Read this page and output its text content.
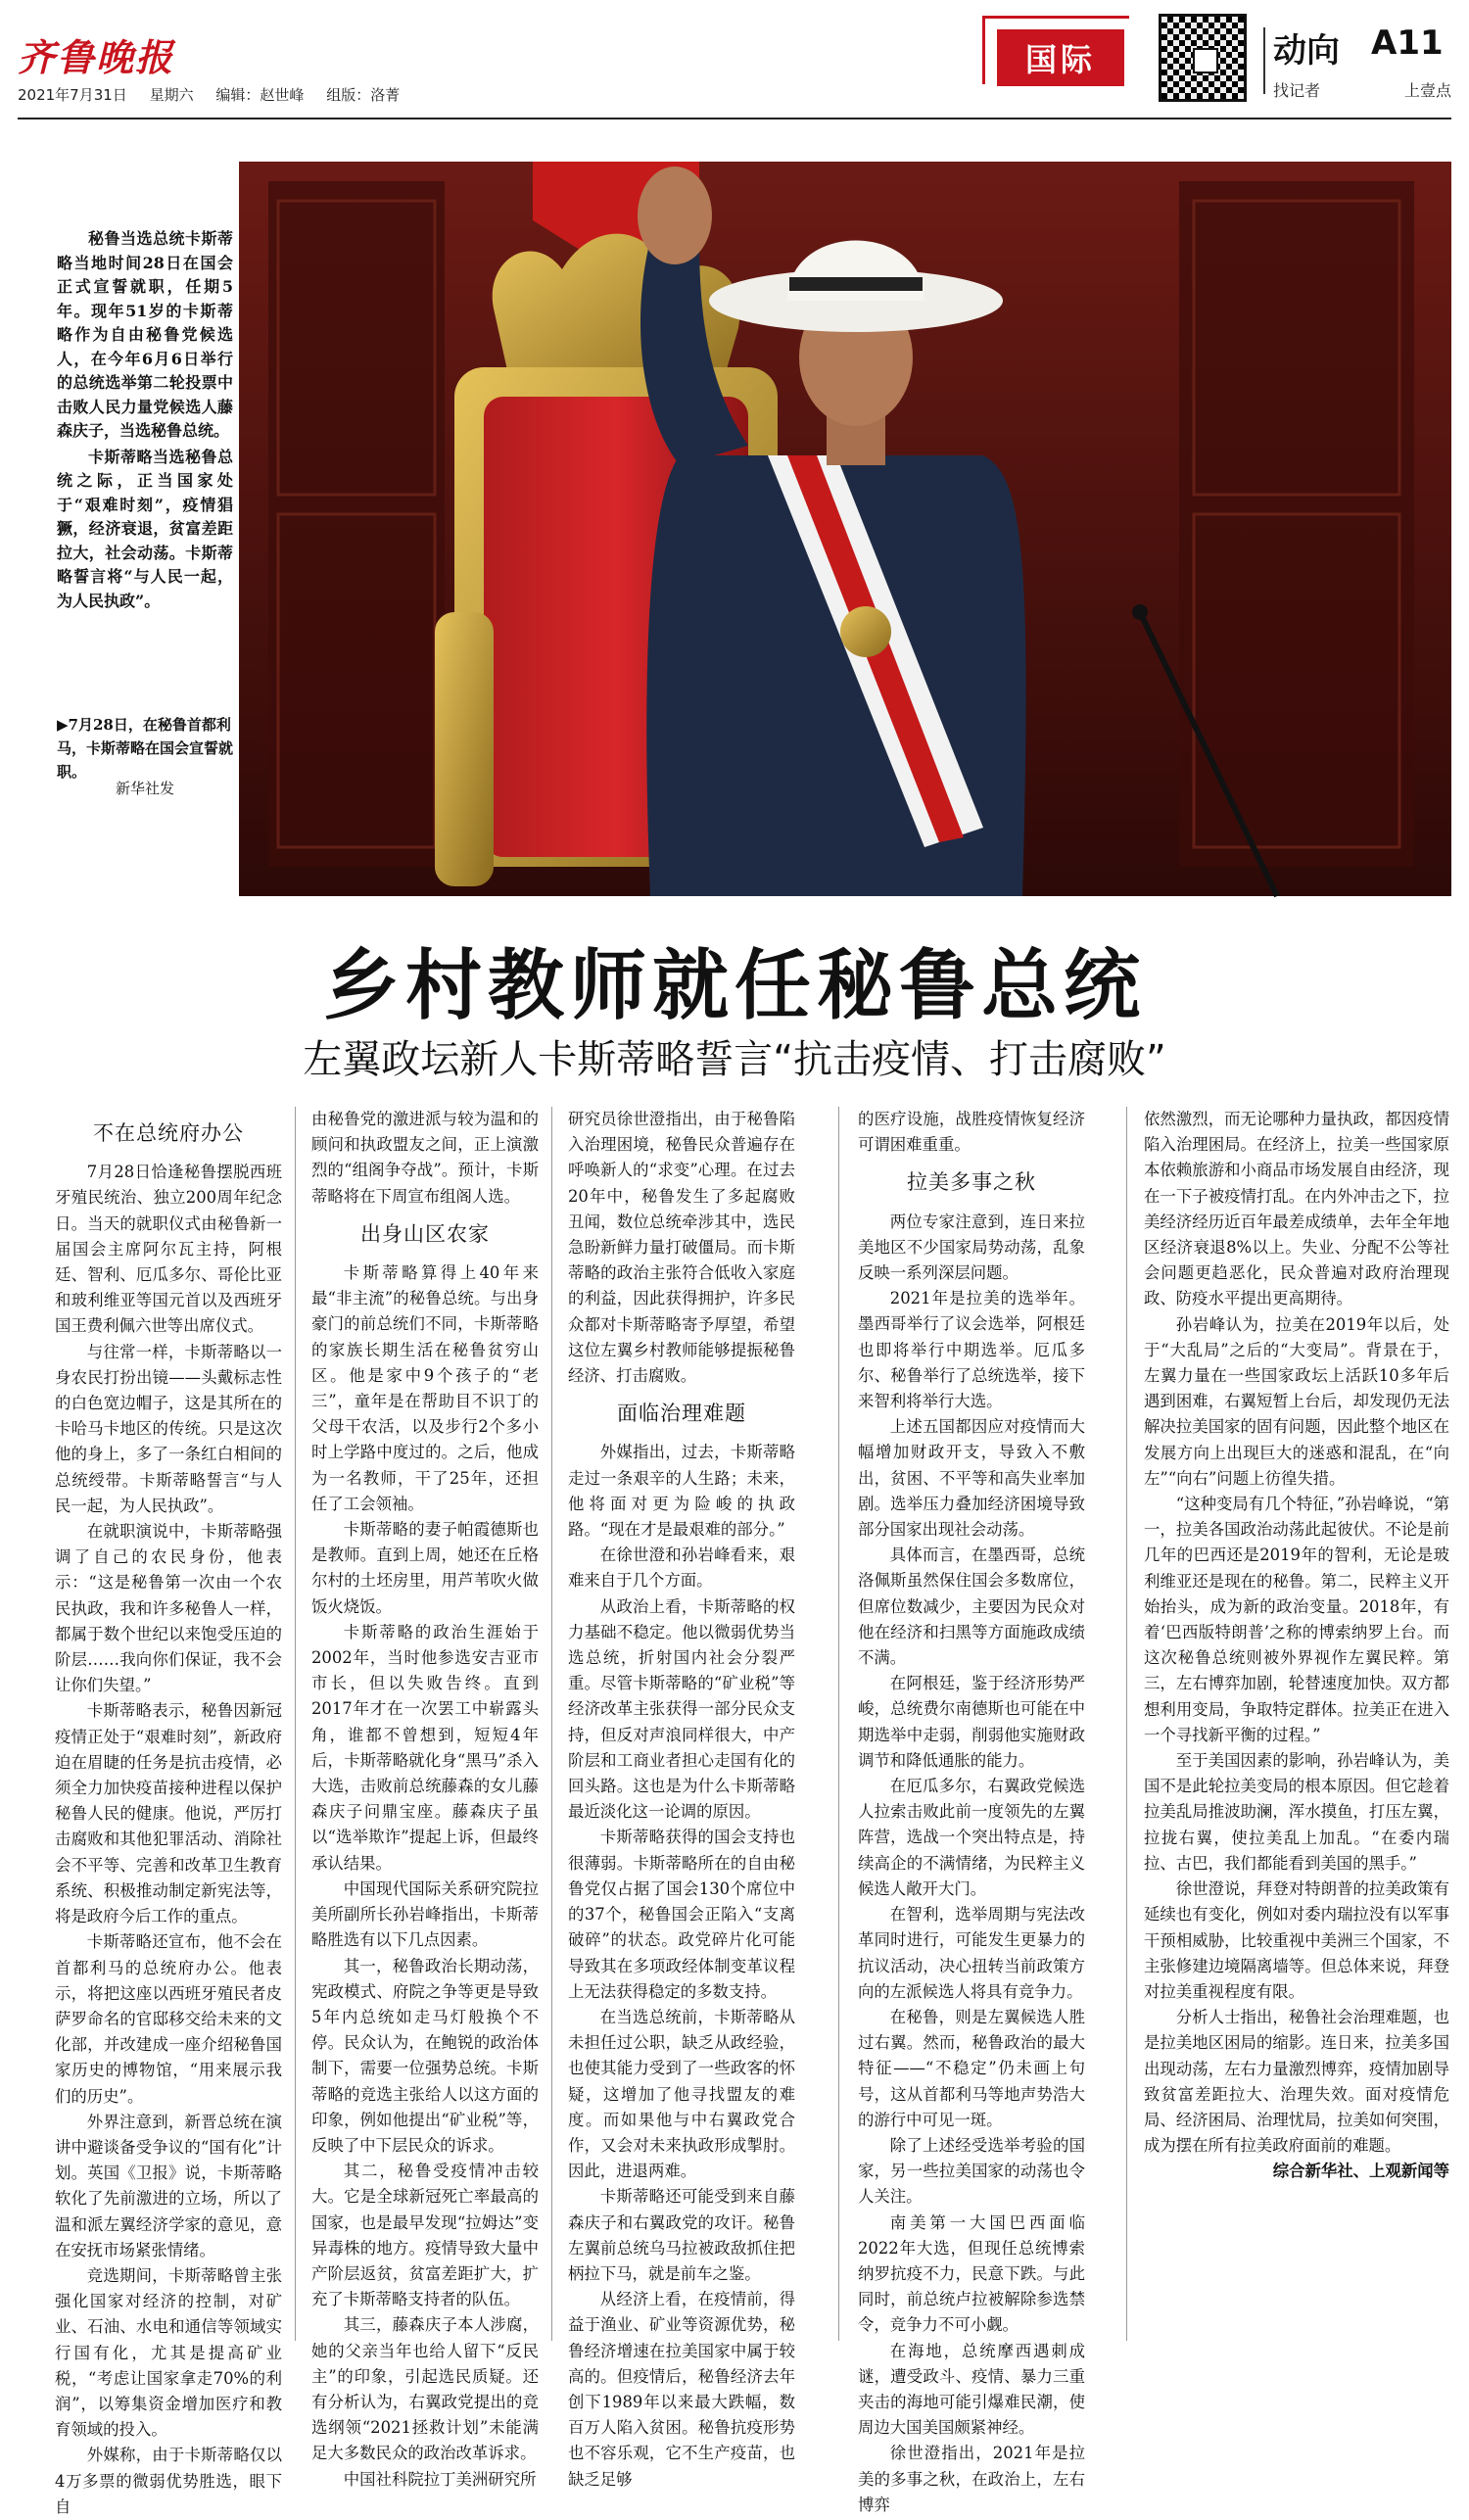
齐鲁晚报
2021年7月31日 星期六 编辑：赵世峰 组版：洛菁
国际	动向 A11
找记者	上壹点

秘鲁当选总统卡斯蒂略当地时间28日在国会正式宣誓就职，任期5年。现年51岁的卡斯蒂略作为自由秘鲁党候选人，在今年6月6日举行的总统选举第二轮投票中击败人民力量党候选人藤森庆子，当选秘鲁总统。

卡斯蒂略当选秘鲁总统之际，正当国家处于“艰难时刻”，疫情猖獗，经济衰退，贫富差距拉大，社会动荡。卡斯蒂略誓言将“与人民一起，为人民执政”。

▶7月28日，在秘鲁首都利马，卡斯蒂略在国会宣誓就职。
新华社发
乡村教师就任秘鲁总统
左翼政坛新人卡斯蒂略誓言“抗击疫情、打击腐败”
不在总统府办公

7月28日恰逢秘鲁摆脱西班牙殖民统治、独立200周年纪念日。当天的就职仪式由秘鲁新一届国会主席阿尔瓦主持，阿根廷、智利、厄瓜多尔、哥伦比亚和玻利维亚等国元首以及西班牙国王费利佩六世等出席仪式。

与往常一样，卡斯蒂略以一身农民打扮出镜——头戴标志性的白色宽边帽子，这是其所在的卡哈马卡地区的传统。只是这次他的身上，多了一条红白相间的总统绶带。卡斯蒂略誓言“与人民一起，为人民执政”。

在就职演说中，卡斯蒂略强调了自己的农民身份，他表示：“这是秘鲁第一次由一个农民执政，我和许多秘鲁人一样，都属于数个世纪以来饱受压迫的阶层……我向你们保证，我不会让你们失望。”

卡斯蒂略表示，秘鲁因新冠疫情正处于“艰难时刻”，新政府迫在眉睫的任务是抗击疫情，必须全力加快疫苗接种进程以保护秘鲁人民的健康。他说，严厉打击腐败和其他犯罪活动、消除社会不平等、完善和改革卫生教育系统、积极推动制定新宪法等，将是政府今后工作的重点。

卡斯蒂略还宣布，他不会在首都利马的总统府办公。他表示，将把这座以西班牙殖民者皮萨罗命名的官邸移交给未来的文化部，并改建成一座介绍秘鲁国家历史的博物馆，“用来展示我们的历史”。

外界注意到，新晋总统在演讲中避谈备受争议的“国有化”计划。英国《卫报》说，卡斯蒂略软化了先前激进的立场，所以了温和派左翼经济学家的意见，意在安抚市场紧张情绪。

竞选期间，卡斯蒂略曾主张强化国家对经济的控制，对矿业、石油、水电和通信等领域实行国有化，尤其是提高矿业税，“考虑让国家拿走70%的利润”，以筹集资金增加医疗和教育领域的投入。

外媒称，由于卡斯蒂略仅以4万多票的微弱优势胜选，眼下自

由秘鲁党的激进派与较为温和的顾问和执政盟友之间，正上演激烈的“组阁争夺战”。预计，卡斯蒂略将在下周宣布组阁人选。

出身山区农家

卡斯蒂略算得上40年来最“非主流”的秘鲁总统。与出身豪门的前总统们不同，卡斯蒂略的家族长期生活在秘鲁贫穷山区。他是家中9个孩子的“老三”，童年是在帮助目不识丁的父母干农活，以及步行2个多小时上学路中度过的。之后，他成为一名教师，干了25年，还担任了工会领袖。

卡斯蒂略的妻子帕霞德斯也是教师。直到上周，她还在丘格尔村的土坯房里，用芦苇吹火做饭火烧饭。

卡斯蒂略的政治生涯始于2002年，当时他参选安吉亚市市长，但以失败告终。直到2017年才在一次罢工中崭露头角，谁都不曾想到，短短4年后，卡斯蒂略就化身“黑马”杀入大选，击败前总统藤森的女儿藤森庆子问鼎宝座。藤森庆子虽以“选举欺诈”提起上诉，但最终承认结果。

中国现代国际关系研究院拉美所副所长孙岩峰指出，卡斯蒂略胜选有以下几点因素。

其一，秘鲁政治长期动荡，宪政模式、府院之争等更是导致5年内总统如走马灯般换个不停。民众认为，在鲍锐的政治体制下，需要一位强势总统。卡斯蒂略的竞选主张给人以这方面的印象，例如他提出“矿业税”等，反映了中下层民众的诉求。

其二，秘鲁受疫情冲击较大。它是全球新冠死亡率最高的国家，也是最早发现“拉姆达”变异毒株的地方。疫情导致大量中产阶层返贫，贫富差距扩大，扩充了卡斯蒂略支持者的队伍。

其三，藤森庆子本人涉腐，她的父亲当年也给人留下“反民主”的印象，引起选民质疑。还有分析认为，右翼政党提出的竞选纲领“2021拯救计划”未能满足大多数民众的政治改革诉求。

中国社科院拉丁美洲研究所

研究员徐世澄指出，由于秘鲁陷入治理困境，秘鲁民众普遍存在呼唤新人的“求变”心理。在过去20年中，秘鲁发生了多起腐败丑闻，数位总统牵涉其中，选民急盼新鲜力量打破僵局。而卡斯蒂略的政治主张符合低收入家庭的利益，因此获得拥护，许多民众都对卡斯蒂略寄予厚望，希望这位左翼乡村教师能够提振秘鲁经济、打击腐败。

面临治理难题

外媒指出，过去，卡斯蒂略走过一条艰辛的人生路；未来，他将面对更为险峻的执政路。“现在才是最艰难的部分。”

在徐世澄和孙岩峰看来，艰难来自于几个方面。

从政治上看，卡斯蒂略的权力基础不稳定。他以微弱优势当选总统，折射国内社会分裂严重。尽管卡斯蒂略的“矿业税”等经济改革主张获得一部分民众支持，但反对声浪同样很大，中产阶层和工商业者担心走国有化的回头路。这也是为什么卡斯蒂略最近淡化这一论调的原因。

卡斯蒂略获得的国会支持也很薄弱。卡斯蒂略所在的自由秘鲁党仅占据了国会130个席位中的37个，秘鲁国会正陷入“支离破碎”的状态。政党碎片化可能导致其在多项政经体制变革议程上无法获得稳定的多数支持。

在当选总统前，卡斯蒂略从未担任过公职，缺乏从政经验，也使其能力受到了一些政客的怀疑，这增加了他寻找盟友的难度。而如果他与中右翼政党合作，又会对未来执政形成掣肘。因此，进退两难。

卡斯蒂略还可能受到来自藤森庆子和右翼政党的攻讦。秘鲁左翼前总统乌马拉被政敌抓住把柄拉下马，就是前车之鉴。

从经济上看，在疫情前，得益于渔业、矿业等资源优势，秘鲁经济增速在拉美国家中属于较高的。但疫情后，秘鲁经济去年创下1989年以来最大跌幅，数百万人陷入贫困。秘鲁抗疫形势也不容乐观，它不生产疫苗，也缺乏足够

的医疗设施，战胜疫情恢复经济可谓困难重重。

拉美多事之秋

两位专家注意到，连日来拉美地区不少国家局势动荡，乱象反映一系列深层问题。

2021年是拉美的选举年。墨西哥举行了议会选举，阿根廷也即将举行中期选举。厄瓜多尔、秘鲁举行了总统选举，接下来智利将举行大选。

上述五国都因应对疫情而大幅增加财政开支，导致入不敷出，贫困、不平等和高失业率加剧。选举压力叠加经济困境导致部分国家出现社会动荡。

具体而言，在墨西哥，总统洛佩斯虽然保住国会多数席位，但席位数减少，主要因为民众对他在经济和扫黑等方面施政成绩不满。

在阿根廷，鉴于经济形势严峻，总统费尔南德斯也可能在中期选举中走弱，削弱他实施财政调节和降低通胀的能力。

在厄瓜多尔，右翼政党候选人拉索击败此前一度领先的左翼阵营，选战一个突出特点是，持续高企的不满情绪，为民粹主义候选人敞开大门。

在智利，选举周期与宪法改革同时进行，可能发生更暴力的抗议活动，决心扭转当前政策方向的左派候选人将具有竞争力。

在秘鲁，则是左翼候选人胜过右翼。然而，秘鲁政治的最大特征——“不稳定”仍未画上句号，这从首都利马等地声势浩大的游行中可见一斑。

除了上述经受选举考验的国家，另一些拉美国家的动荡也令人关注。

南美第一大国巴西面临2022年大选，但现任总统博索纳罗抗疫不力，民意下跌。与此同时，前总统卢拉被解除参选禁令，竞争力不可小觑。

在海地，总统摩西遇刺成谜，遭受政斗、疫情、暴力三重夹击的海地可能引爆难民潮，使周边大国美国颇紧神经。

徐世澄指出，2021年是拉美的多事之秋，在政治上，左右博弈

依然激烈，而无论哪种力量执政，都因疫情陷入治理困局。在经济上，拉美一些国家原本依赖旅游和小商品市场发展自由经济，现在一下子被疫情打乱。在内外冲击之下，拉美经济经历近百年最差成绩单，去年全年地区经济衰退8%以上。失业、分配不公等社会问题更趋恶化，民众普遍对政府治理现政、防疫水平提出更高期待。

孙岩峰认为，拉美在2019年以后，处于“大乱局”之后的“大变局”。背景在于，左翼力量在一些国家政坛上活跃10多年后遇到困难，右翼短暂上台后，却发现仍无法解决拉美国家的固有问题，因此整个地区在发展方向上出现巨大的迷惑和混乱，在“向左”“向右”问题上彷徨失措。

“这种变局有几个特征，”孙岩峰说，“第一，拉美各国政治动荡此起彼伏。不论是前几年的巴西还是2019年的智利，无论是玻利维亚还是现在的秘鲁。第二，民粹主义开始抬头，成为新的政治变量。2018年，有着‘巴西版特朗普’之称的博索纳罗上台。而这次秘鲁总统则被外界视作左翼民粹。第三，左右博弈加剧，轮替速度加快。双方都想利用变局，争取特定群体。拉美正在进入一个寻找新平衡的过程。”

至于美国因素的影响，孙岩峰认为，美国不是此轮拉美变局的根本原因。但它趁着拉美乱局推波助澜，浑水摸鱼，打压左翼，拉拢右翼，使拉美乱上加乱。“在委内瑞拉、古巴，我们都能看到美国的黑手。”

徐世澄说，拜登对特朗普的拉美政策有延续也有变化，例如对委内瑞拉没有以军事干预相威胁，比较重视中美洲三个国家，不主张修建边境隔离墙等。但总体来说，拜登对拉美重视程度有限。

分析人士指出，秘鲁社会治理难题，也是拉美地区困局的缩影。连日来，拉美多国出现动荡，左右力量激烈博弈，疫情加剧导致贫富差距拉大、治理失效。面对疫情危局、经济困局、治理忧局，拉美如何突围，成为摆在所有拉美政府面前的难题。

综合新华社、上观新闻等
